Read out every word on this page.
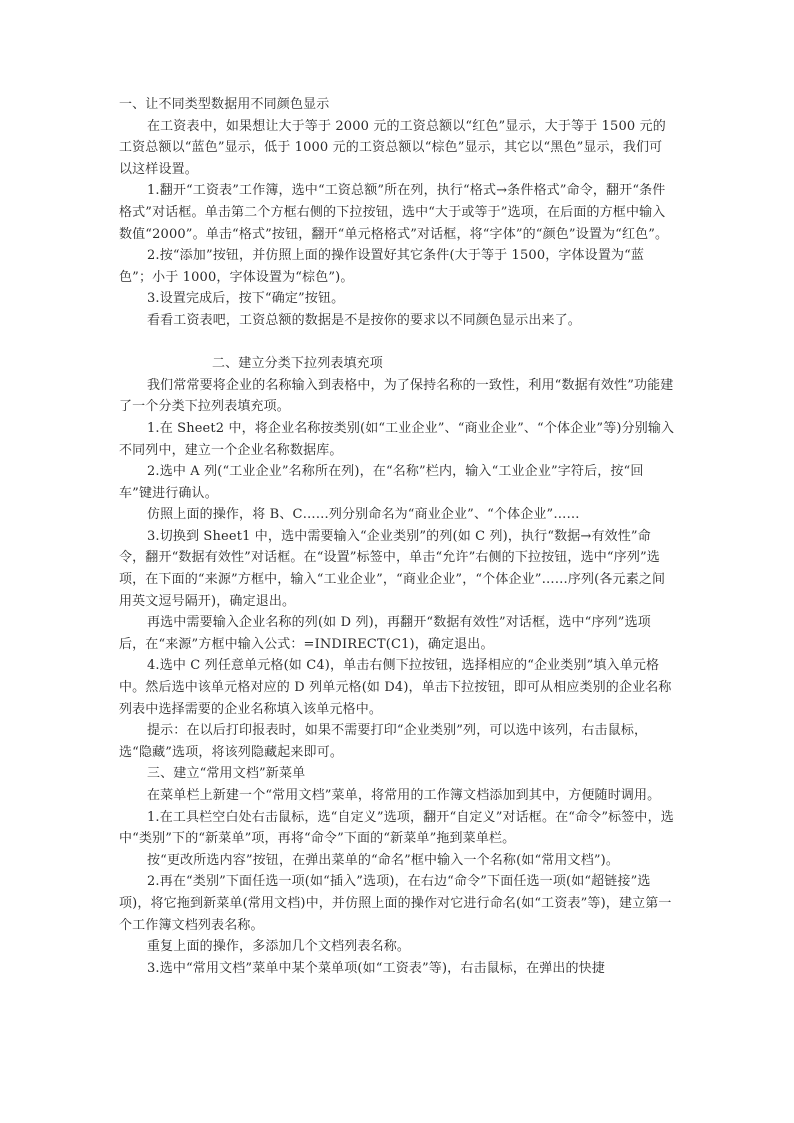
一、让不同类型数据用不同颜色显示

在工资表中，如果想让大于等于 2000 元的工资总额以“红色”显示，大于等于 1500 元的工资总额以“蓝色”显示，低于 1000 元的工资总额以“棕色”显示，其它以“黑色”显示，我们可以这样设置。

1.翻开“工资表”工作簿，选中“工资总额”所在列，执行“格式→条件格式”命令，翻开“条件格式”对话框。单击第二个方框右侧的下拉按钮，选中“大于或等于”选项，在后面的方框中输入数值“2000”。单击“格式”按钮，翻开“单元格格式”对话框，将“字体”的“颜色”设置为“红色”。

2.按“添加”按钮，并仿照上面的操作设置好其它条件(大于等于 1500，字体设置为“蓝色”；小于 1000，字体设置为“棕色”)。

3.设置完成后，按下“确定”按钮。

看看工资表吧，工资总额的数据是不是按你的要求以不同颜色显示出来了。

二、建立分类下拉列表填充项

我们常常要将企业的名称输入到表格中，为了保持名称的一致性，利用“数据有效性”功能建了一个分类下拉列表填充项。

1.在 Sheet2 中，将企业名称按类别(如“工业企业”、“商业企业”、“个体企业”等)分别输入不同列中，建立一个企业名称数据库。

2.选中 A 列(“工业企业”名称所在列)，在“名称”栏内，输入“工业企业”字符后，按“回车”键进行确认。

仿照上面的操作，将 B、C……列分别命名为“商业企业”、“个体企业”……

3.切换到 Sheet1 中，选中需要输入“企业类别”的列(如 C 列)，执行“数据→有效性”命令，翻开“数据有效性”对话框。在“设置”标签中，单击“允许”右侧的下拉按钮，选中“序列”选项，在下面的“来源”方框中，输入“工业企业”，“商业企业”，“个体企业”……序列(各元素之间用英文逗号隔开)，确定退出。

再选中需要输入企业名称的列(如 D 列)，再翻开“数据有效性”对话框，选中“序列”选项后，在“来源”方框中输入公式：=INDIRECT(C1)，确定退出。

4.选中 C 列任意单元格(如 C4)，单击右侧下拉按钮，选择相应的“企业类别”填入单元格中。然后选中该单元格对应的 D 列单元格(如 D4)，单击下拉按钮，即可从相应类别的企业名称列表中选择需要的企业名称填入该单元格中。

提示：在以后打印报表时，如果不需要打印“企业类别”列，可以选中该列，右击鼠标，选“隐藏”选项，将该列隐藏起来即可。

三、建立“常用文档”新菜单

在菜单栏上新建一个“常用文档”菜单，将常用的工作簿文档添加到其中，方便随时调用。

1.在工具栏空白处右击鼠标，选“自定义”选项，翻开“自定义”对话框。在“命令”标签中，选中“类别”下的“新菜单”项，再将“命令”下面的“新菜单”拖到菜单栏。

按“更改所选内容”按钮，在弹出菜单的“命名”框中输入一个名称(如“常用文档”)。

2.再在“类别”下面任选一项(如“插入”选项)，在右边“命令”下面任选一项(如“超链接”选项)，将它拖到新菜单(常用文档)中，并仿照上面的操作对它进行命名(如“工资表”等)，建立第一个工作簿文档列表名称。

重复上面的操作，多添加几个文档列表名称。

3.选中“常用文档”菜单中某个菜单项(如“工资表”等)，右击鼠标，在弹出的快捷
